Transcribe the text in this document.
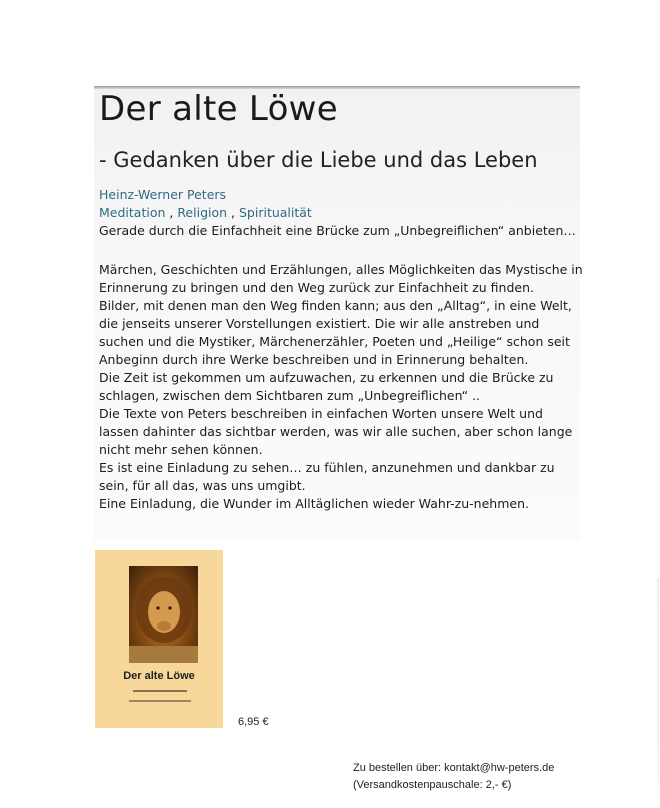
Der alte Löwe
- Gedanken über die Liebe und das Leben
Heinz-Werner Peters
Meditation , Religion , Spiritualität
Gerade durch die Einfachheit eine Brücke zum „Unbegreiflichen“ anbieten…
Märchen, Geschichten und Erzählungen, alles Möglichkeiten das Mystische in
Erinnerung zu bringen und den Weg zurück zur Einfachheit zu finden.
Bilder, mit denen man den Weg finden kann; aus den „Alltag“, in eine Welt,
die jenseits unserer Vorstellungen existiert. Die wir alle anstreben und
suchen und die Mystiker, Märchenerzähler, Poeten und „Heilige“ schon seit
Anbeginn durch ihre Werke beschreiben und in Erinnerung behalten.
Die Zeit ist gekommen um aufzuwachen, zu erkennen und die Brücke zu
schlagen, zwischen dem Sichtbaren zum „Unbegreiflichen“ ..
Die Texte von Peters beschreiben in einfachen Worten unsere Welt und
lassen dahinter das sichtbar werden, was wir alle suchen, aber schon lange
nicht mehr sehen können.
Es ist eine Einladung zu sehen… zu fühlen, anzunehmen und dankbar zu
sein, für all das, was uns umgibt.
Eine Einladung, die Wunder im Alltäglichen wieder Wahr-zu-nehmen.
Der alte Löwe
6,95 €
Zu bestellen über: kontakt@hw-peters.de
(Versandkostenpauschale: 2,- €)
